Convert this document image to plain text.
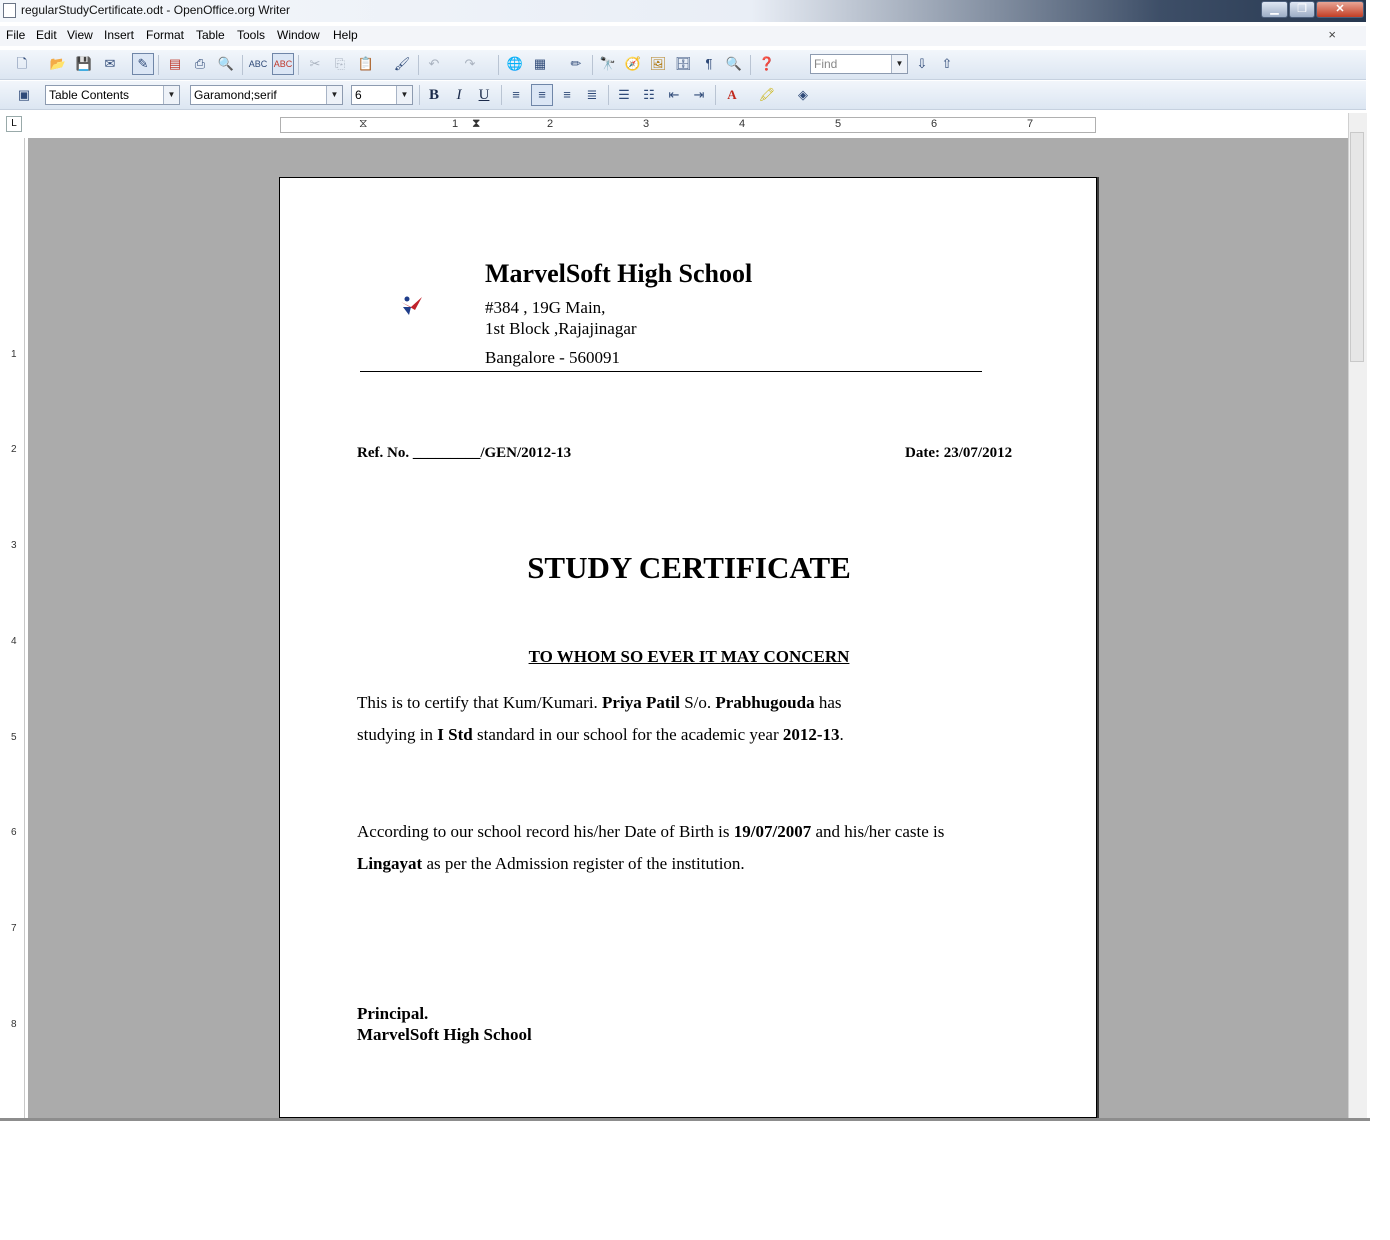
regularStudyCertificate.odt - OpenOffice.org Writer	▁	❐	✕
File Edit View Insert Format Table Tools Window Help	×
🗋	📂 💾 ✉	✎	▤	⎙ 🔍 ABC ABC	✂	⎘ 📋 🖌	↶	↷	🌐 ▦	✏	🔭 🧭 🖼 🗄	¶	🔍 ❓	Find	▼	⇩	⇧
▣	Table Contents	▼	Garamond;serif	▼	6	▼	B	I	U	≡	≡	≡	≣	☰	☷	⇤	⇥	A	🖍	◈
L	1	2	3	4	5	6	7
⧖	⧗
1
2
3
4
5
6
7
8
MarvelSoft High School
#384 , 19G Main,
1st Block ,Rajajinagar
Bangalore - 560091
Ref. No. _________/GEN/2012-13	Date: 23/07/2012
STUDY CERTIFICATE
TO WHOM SO EVER IT MAY CONCERN
This is to certify that Kum/Kumari. Priya Patil S/o. Prabhugouda has
studying in I Std standard in our school for the academic year 2012-13.
According to our school record his/her Date of Birth is 19/07/2007 and his/her caste is
Lingayat as per the Admission register of the institution.
Principal.
MarvelSoft High School
